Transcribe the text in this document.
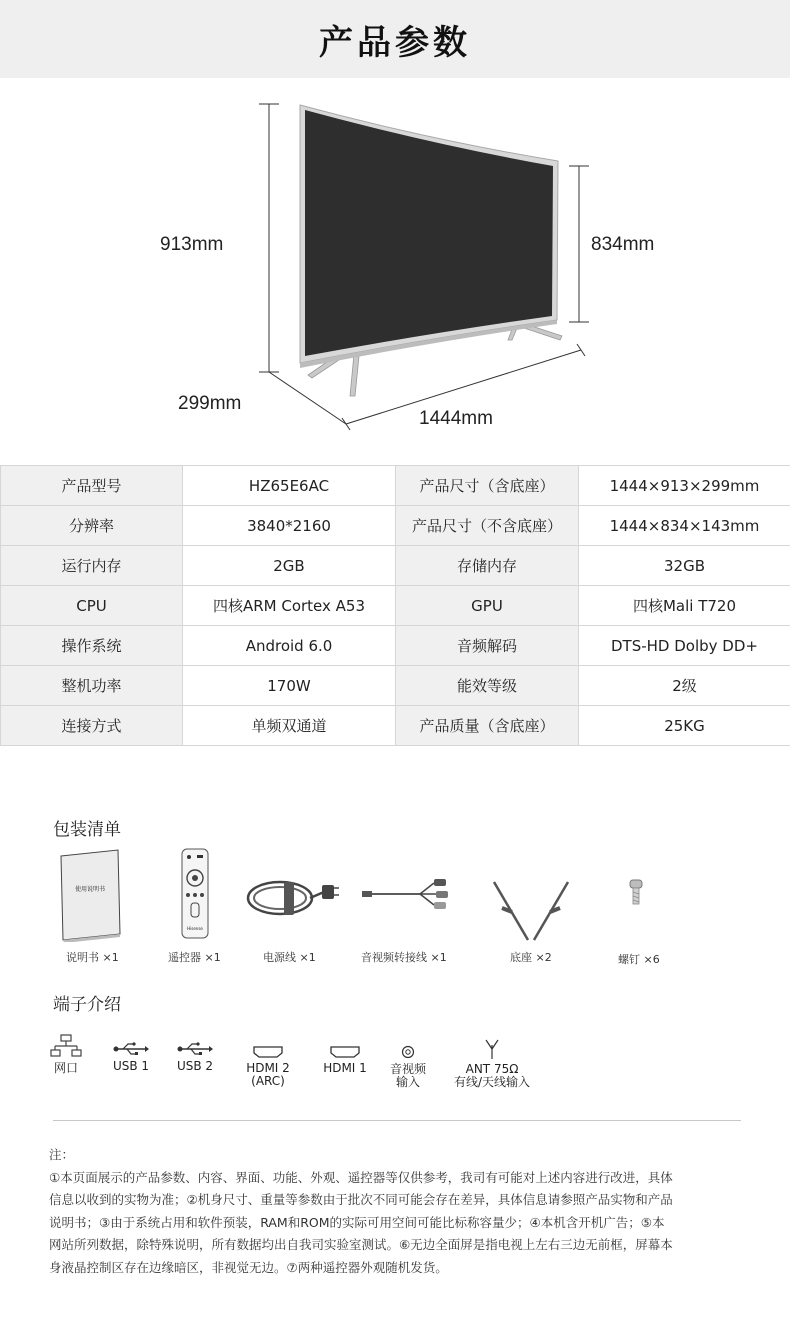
产品参数
913mm	834mm
299mm
1444mm
产品型号	HZ65E6AC	产品尺寸（含底座）	1444×913×299mm
分辨率	3840*2160	产品尺寸（不含底座）	1444×834×143mm
运行内存	2GB	存储内存	32GB
CPU	四核ARM Cortex A53	GPU	四核Mali T720
操作系统	Android 6.0	音频解码	DTS-HD Dolby DD+
整机功率	170W	能效等级	2级
连接方式	单频双通道	产品质量（含底座）	25KG
包装清单
使用说明书
Hisense
说明书 ×1	遥控器 ×1	电源线 ×1	音视频转接线 ×1	底座 ×2	螺钉 ×6
端子介绍
网口	USB 1	USB 2	HDMI 2
(ARC)
HDMI 1	音视频
输入
ANT 75Ω
有线/天线输入

注：

①本页面展示的产品参数、内容、界面、功能、外观、遥控器等仅供参考，我司有可能对上述内容进行改进，具体

信息以收到的实物为准；②机身尺寸、重量等参数由于批次不同可能会存在差异，具体信息请参照产品实物和产品

说明书；③由于系统占用和软件预装，RAM和ROM的实际可用空间可能比标称容量少；④本机含开机广告；⑤本

网站所列数据，除特殊说明，所有数据均出自我司实验室测试。⑥无边全面屏是指电视上左右三边无前框，屏幕本

身液晶控制区存在边缘暗区，非视觉无边。⑦两种遥控器外观随机发货。
